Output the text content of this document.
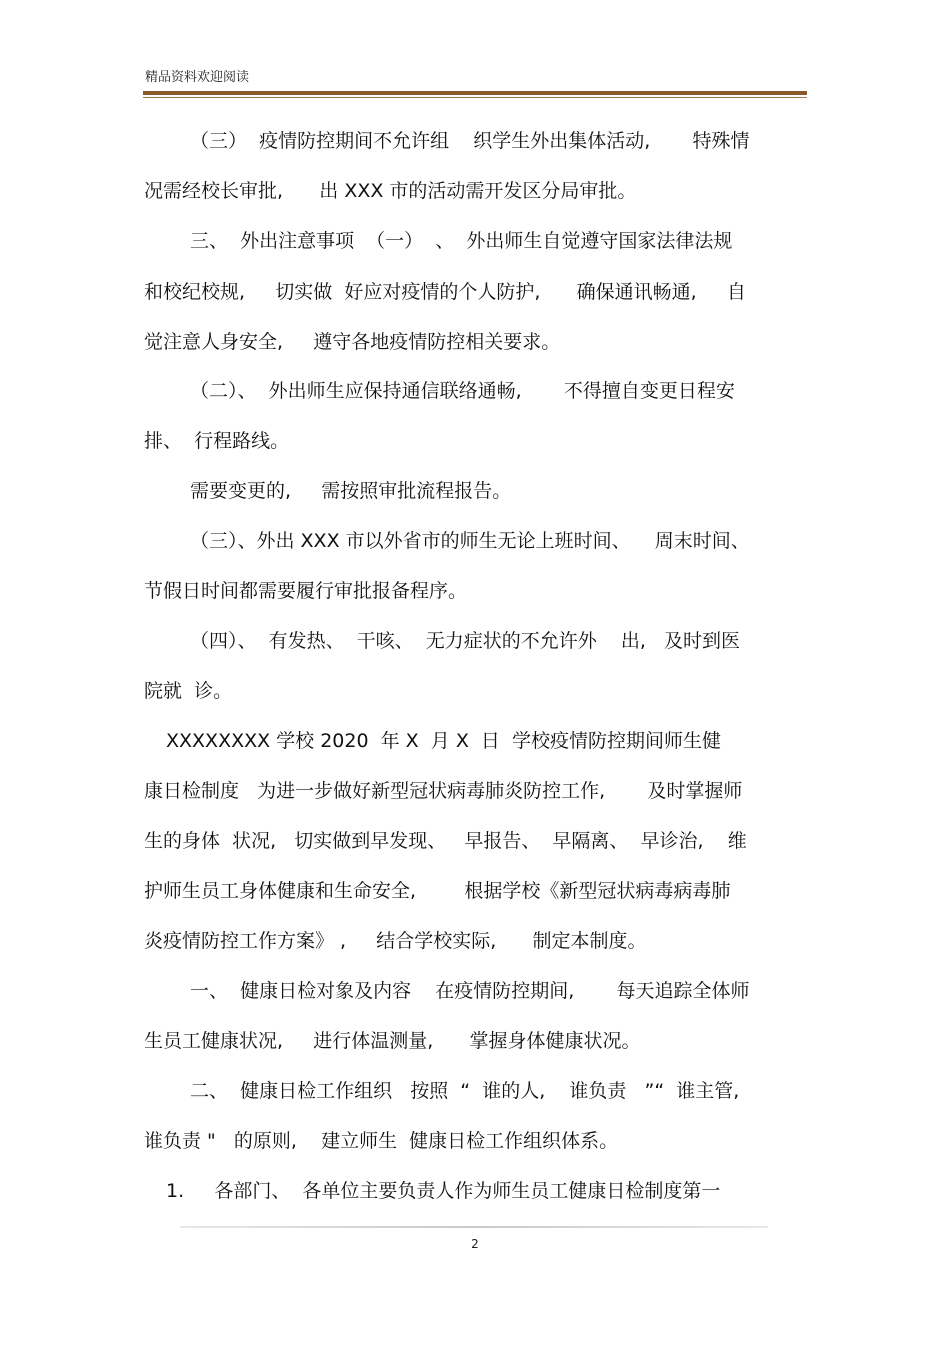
精品资料欢迎阅读
（三）  疫情防控期间不允许组    织学生外出集体活动,       特殊情
况需经校长审批,      出 XXX 市的活动需开发区分局审批。
三、  外出注意事项  （一）  、  外出师生自觉遵守国家法律法规
和校纪校规,     切实做  好应对疫情的个人防护,      确保通讯畅通,     自
觉注意人身安全,     遵守各地疫情防控相关要求。
（二）、  外出师生应保持通信联络通畅,       不得擅自变更日程安
排、  行程路线。
需要变更的,     需按照审批流程报告。
（三）、外出 XXX 市以外省市的师生无论上班时间、    周末时间、
节假日时间都需要履行审批报备程序。
（四）、  有发热、  干咳、  无力症状的不允许外    出,   及时到医
院就  诊。
XXXXXXXX 学校 2020  年 X  月 X  日  学校疫情防控期间师生健
康日检制度   为进一步做好新型冠状病毒肺炎防控工作,       及时掌握师
生的身体  状况,   切实做到早发现、   早报告、  早隔离、  早诊治,    维
护师生员工身体健康和生命安全,        根据学校《新型冠状病毒病毒肺
炎疫情防控工作方案》 ,     结合学校实际,      制定本制度。
一、  健康日检对象及内容    在疫情防控期间,       每天追踪全体师
生员工健康状况,     进行体温测量,      掌握身体健康状况。
二、  健康日检工作组织   按照  “  谁的人,    谁负责   ”“  谁主管,
谁负责 "   的原则,    建立师生  健康日检工作组织体系。
1.     各部门、  各单位主要负责人作为师生员工健康日检制度第一
2
